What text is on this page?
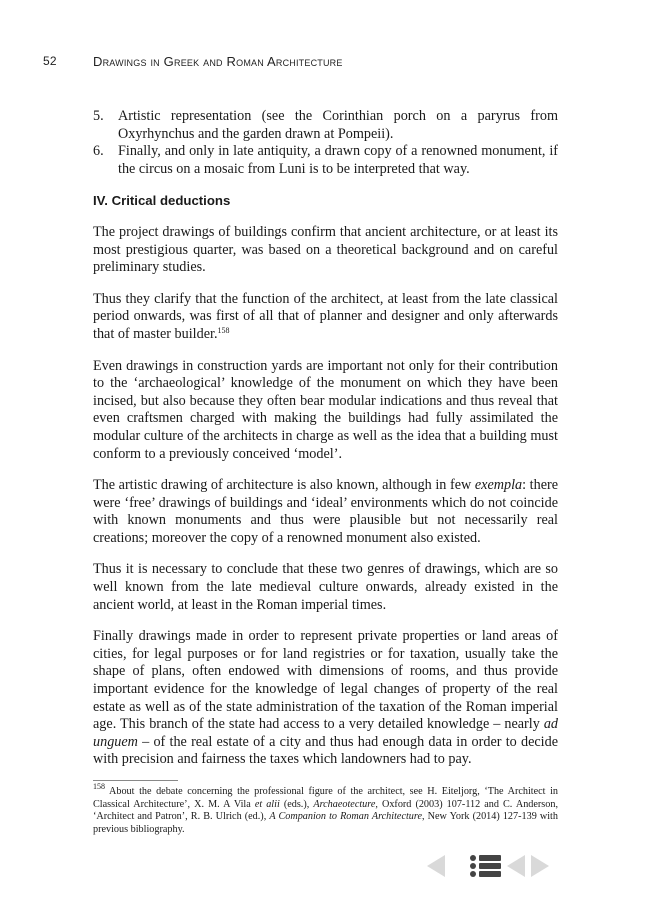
52	Drawings in Greek and Roman Architecture
5. Artistic representation (see the Corinthian porch on a paryrus from Oxyrhynchus and the garden drawn at Pompeii).
6. Finally, and only in late antiquity, a drawn copy of a renowned monument, if the circus on a mosaic from Luni is to be interpreted that way.
IV. Critical deductions

The project drawings of buildings confirm that ancient architecture, or at least its most prestigious quarter, was based on a theoretical background and on careful preliminary studies.

Thus they clarify that the function of the architect, at least from the late classical period onwards, was first of all that of planner and designer and only afterwards that of master builder.$^{158}$

Even drawings in construction yards are important not only for their contribution to the ‘archaeological’ knowledge of the monument on which they have been incised, but also because they often bear modular indications and thus reveal that even craftsmen charged with making the buildings had fully assimilated the modular culture of the architects in charge as well as the idea that a building must conform to a previously conceived ‘model’.

The artistic drawing of architecture is also known, although in few exempla: there were ‘free’ drawings of buildings and ‘ideal’ environments which do not coincide with known monuments and thus were plausible but not necessarily real creations; moreover the copy of a renowned monument also existed.

Thus it is necessary to conclude that these two genres of drawings, which are so well known from the late medieval culture onwards, already existed in the ancient world, at least in the Roman imperial times.

Finally drawings made in order to represent private properties or land areas of cities, for legal purposes or for land registries or for taxation, usually take the shape of plans, often endowed with dimensions of rooms, and thus provide important evidence for the knowledge of legal changes of property of the real estate as well as of the state administration of the taxation of the Roman imperial age. This branch of the state had access to a very detailed knowledge – nearly ad unguem – of the real estate of a city and thus had enough data in order to decide with precision and fairness the taxes which landowners had to pay.

$^{158}$ About the debate concerning the professional figure of the architect, see H. Eiteljorg, ‘The Architect in Classical Architecture’, X. M. A Vila et alii (eds.), Archaeotecture, Oxford (2003) 107-112 and C. Anderson, ‘Architect and Patron’, R. B. Ulrich (ed.), A Companion to Roman Architecture, New York (2014) 127-139 with previous bibliography.
